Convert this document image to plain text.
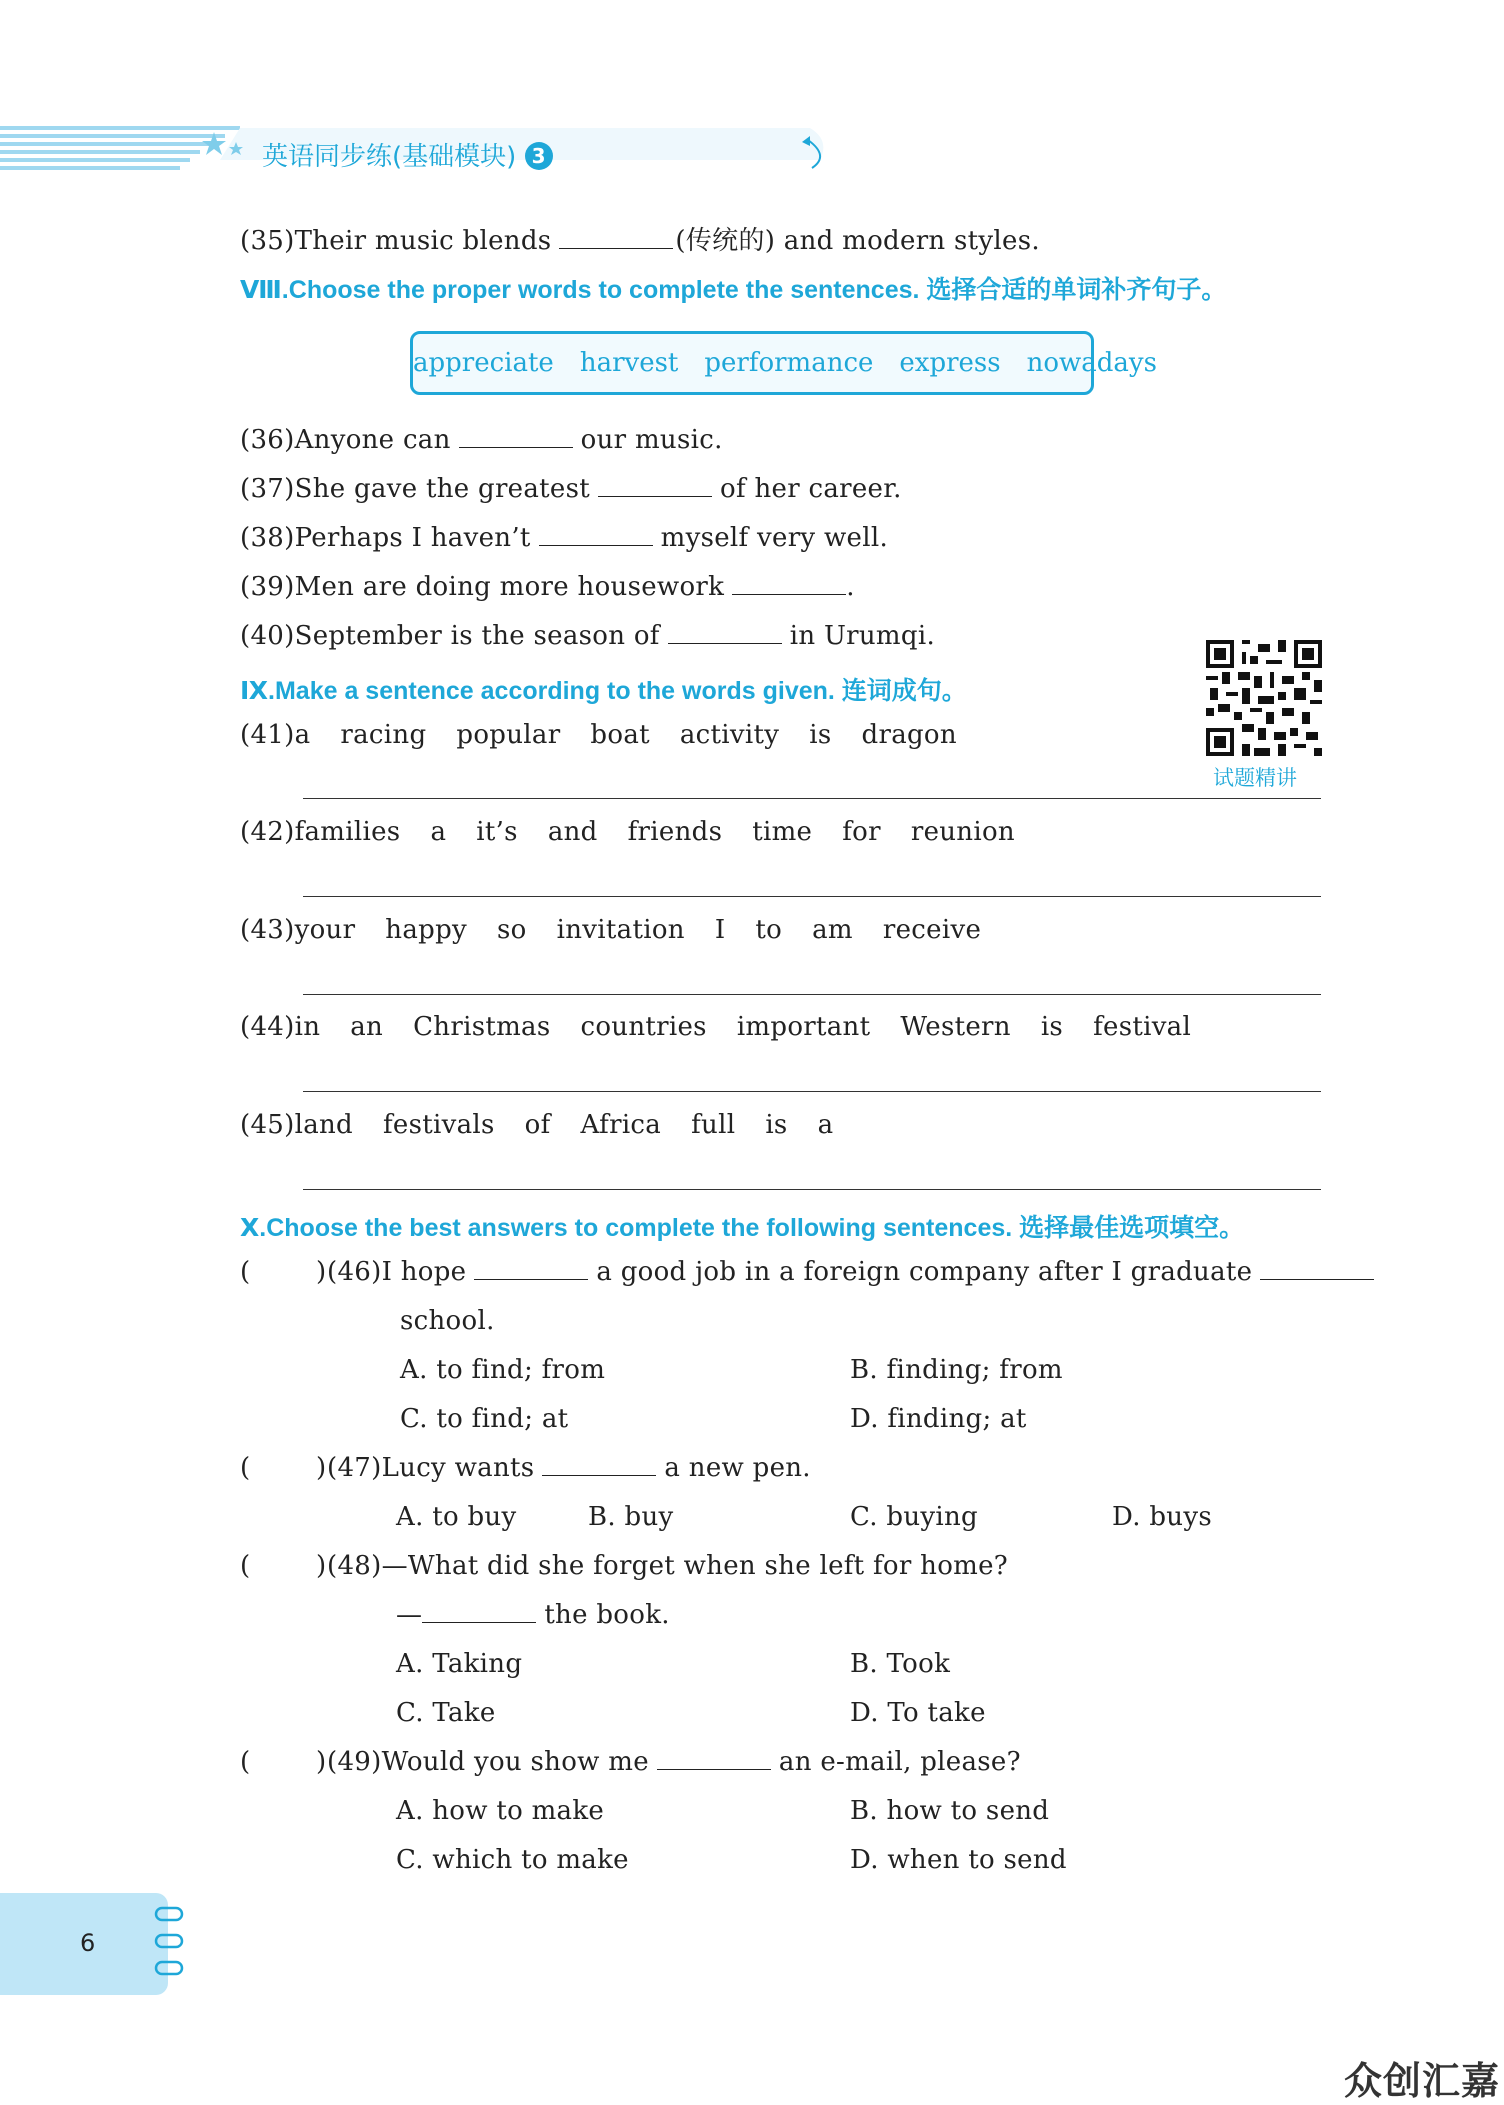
英语同步练(基础模块) 3
(35)Their music blends	(传统的) and modern styles.
Ⅷ.Choose the proper words to complete the sentences. 选择合适的单词补齐句子。
appreciate harvest performance express nowadays
(36)Anyone can	our music.
(37)She gave the greatest	of her career.
(38)Perhaps I haven’t	myself very well.
(39)Men are doing more housework	.
(40)September is the season of	in Urumqi.
试题精讲
Ⅸ.Make a sentence according to the words given. 连词成句。
(41)a racing popular boat activity is dragon
(42)families a it’s and friends time for reunion
(43)your happy so invitation I to am receive
(44)in an Christmas countries important Western is festival
(45)land festivals of Africa full is a
Ⅹ.Choose the best answers to complete the following sentences. 选择最佳选项填空。
(	) (46)I hope	a good job in a foreign company after I graduate
school.
A. to find; from	B. finding; from
C. to find; at	D. finding; at
(	) (47)Lucy wants	a new pen.
A. to buy	B. buy	C. buying	D. buys
(	) (48)—What did she forget when she left for home?
—	the book.
A. Taking	B. Took
C. Take	D. To take
(	) (49)Would you show me	an e-mail, please?
A. how to make	B. how to send
C. which to make	D. when to send
6
众创汇嘉
